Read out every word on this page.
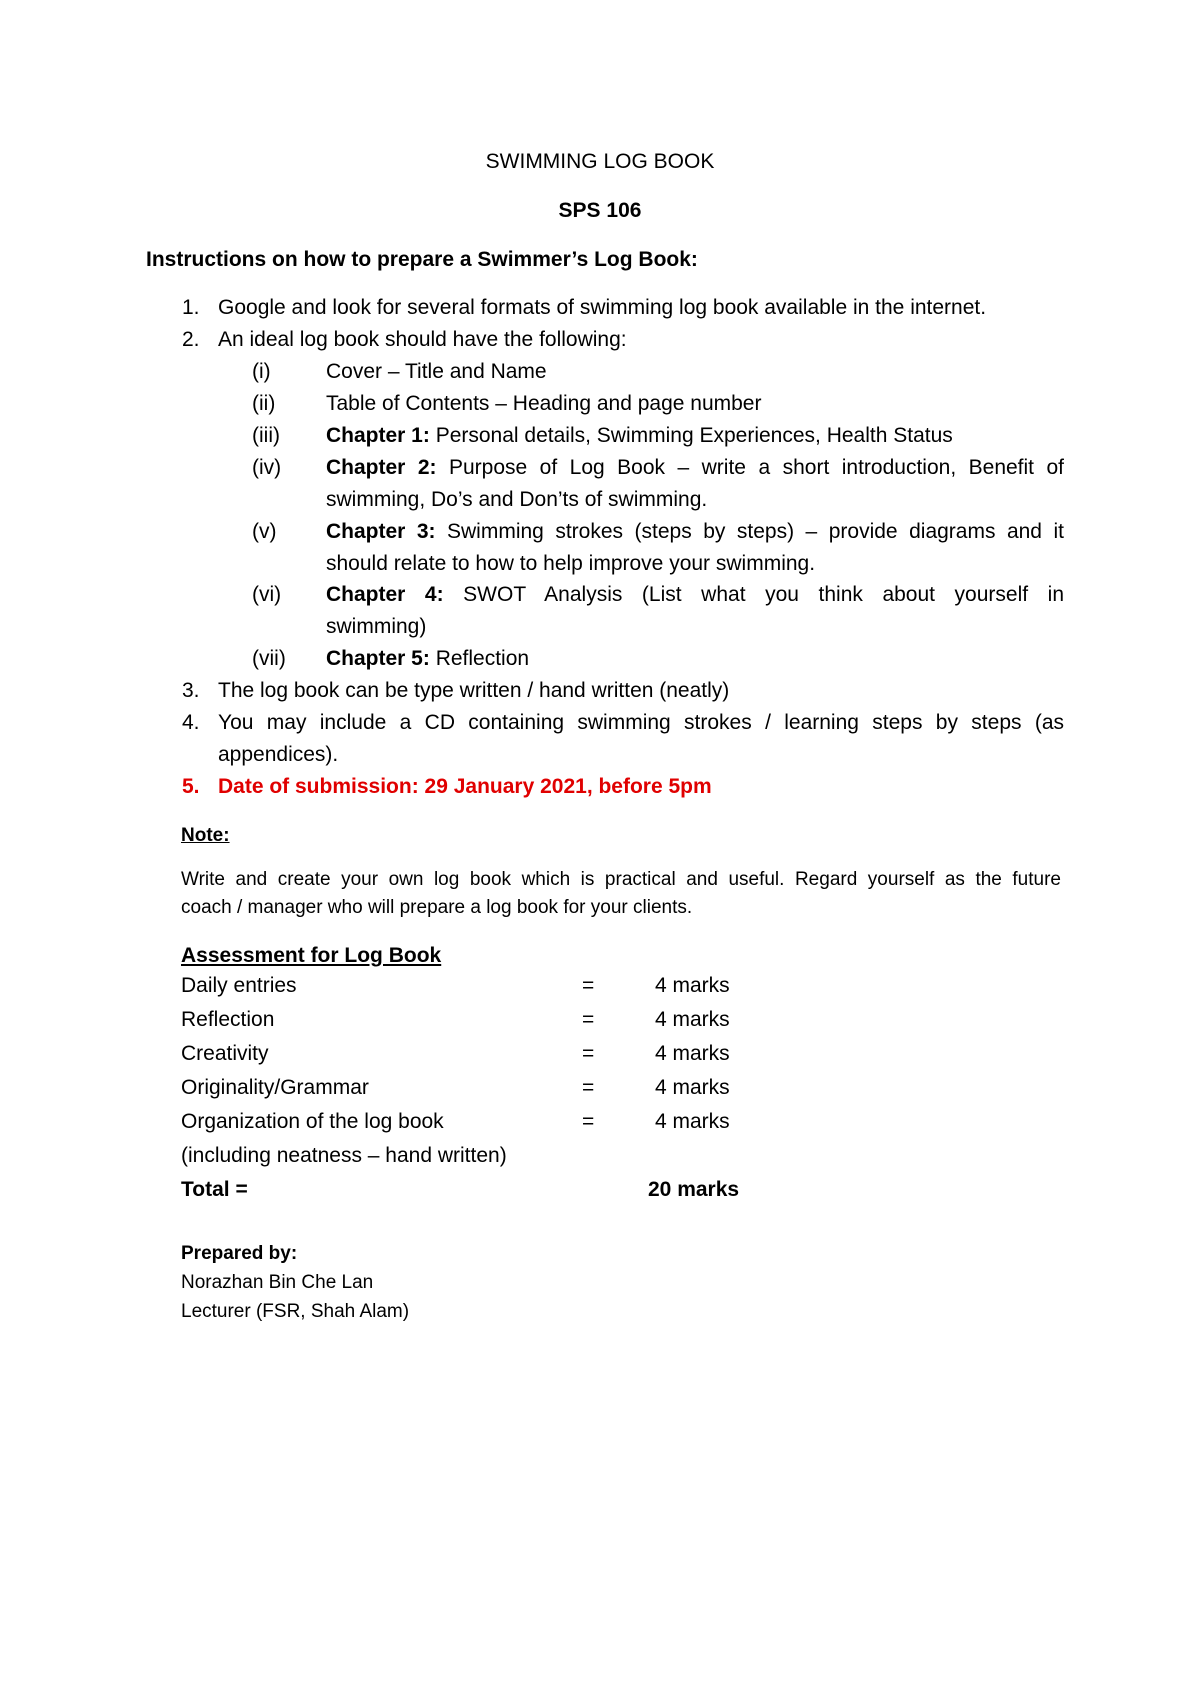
SWIMMING LOG BOOK
SPS 106
Instructions on how to prepare a Swimmer’s Log Book:
1. Google and look for several formats of swimming log book available in the internet.
2. An ideal log book should have the following:
(i)	Cover – Title and Name
(ii) Table of Contents – Heading and page number
(iii) Chapter 1: Personal details, Swimming Experiences, Health Status
(iv) Chapter 2: Purpose of Log Book – write a short introduction, Benefit of
swimming, Do’s and Don’ts of swimming.
(v) Chapter 3: Swimming strokes (steps by steps) – provide diagrams and it
should relate to how to help improve your swimming.
(vi) Chapter 4: SWOT Analysis (List what you think about yourself in
swimming)
(vii) Chapter 5: Reflection
3. The log book can be type written / hand written (neatly)
4. You may include a CD containing swimming strokes / learning steps by steps (as
appendices).
5. Date of submission: 29 January 2021, before 5pm
Note:
Write and create your own log book which is practical and useful. Regard yourself as the future
coach / manager who will prepare a log book for your clients.
Assessment for Log Book
Daily entries	=	4 marks
Reflection	=	4 marks
Creativity	=	4 marks
Originality/Grammar	=	4 marks
Organization of the log book	=	4 marks
(including neatness – hand written)
Total =	20 marks
Prepared by:
Norazhan Bin Che Lan
Lecturer (FSR, Shah Alam)
